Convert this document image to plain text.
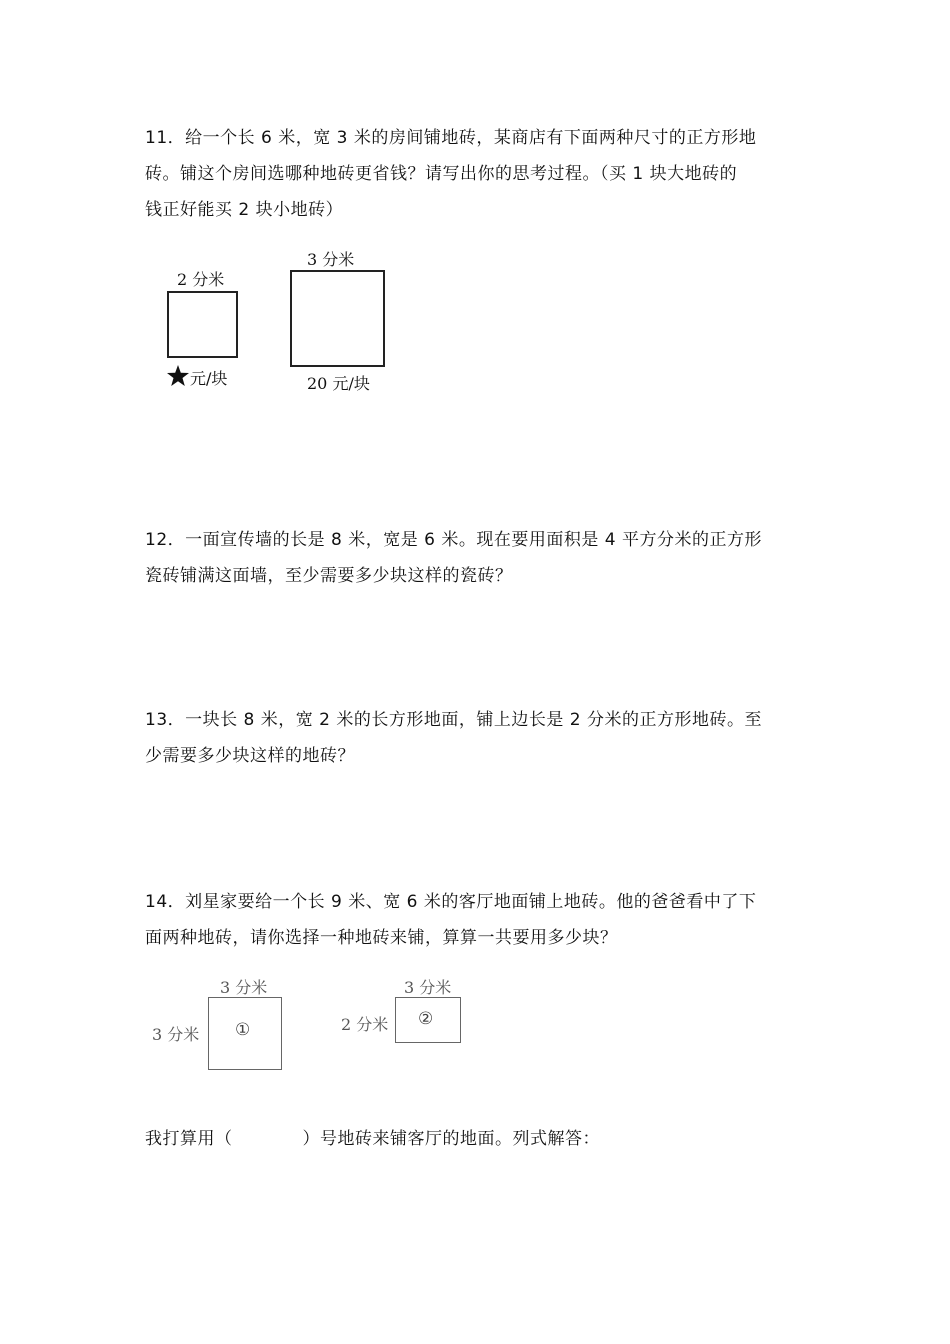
11．给一个长 6 米，宽 3 米的房间铺地砖，某商店有下面两种尺寸的正方形地

砖。铺这个房间选哪种地砖更省钱？请写出你的思考过程。（买 1 块大地砖的

钱正好能买 2 块小地砖）

2 分米
元/块
3 分米
20 元/块

12．一面宣传墙的长是 8 米，宽是 6 米。现在要用面积是 4 平方分米的正方形

瓷砖铺满这面墙，至少需要多少块这样的瓷砖？

13．一块长 8 米，宽 2 米的长方形地面，铺上边长是 2 分米的正方形地砖。至

少需要多少块这样的地砖？

14．刘星家要给一个长 9 米、宽 6 米的客厅地面铺上地砖。他的爸爸看中了下

面两种地砖，请你选择一种地砖来铺，算算一共要用多少块？

3 分米
3 分米 ①
3 分米
2 分米 ②
我打算用（	）号地砖来铺客厅的地面。列式解答：
